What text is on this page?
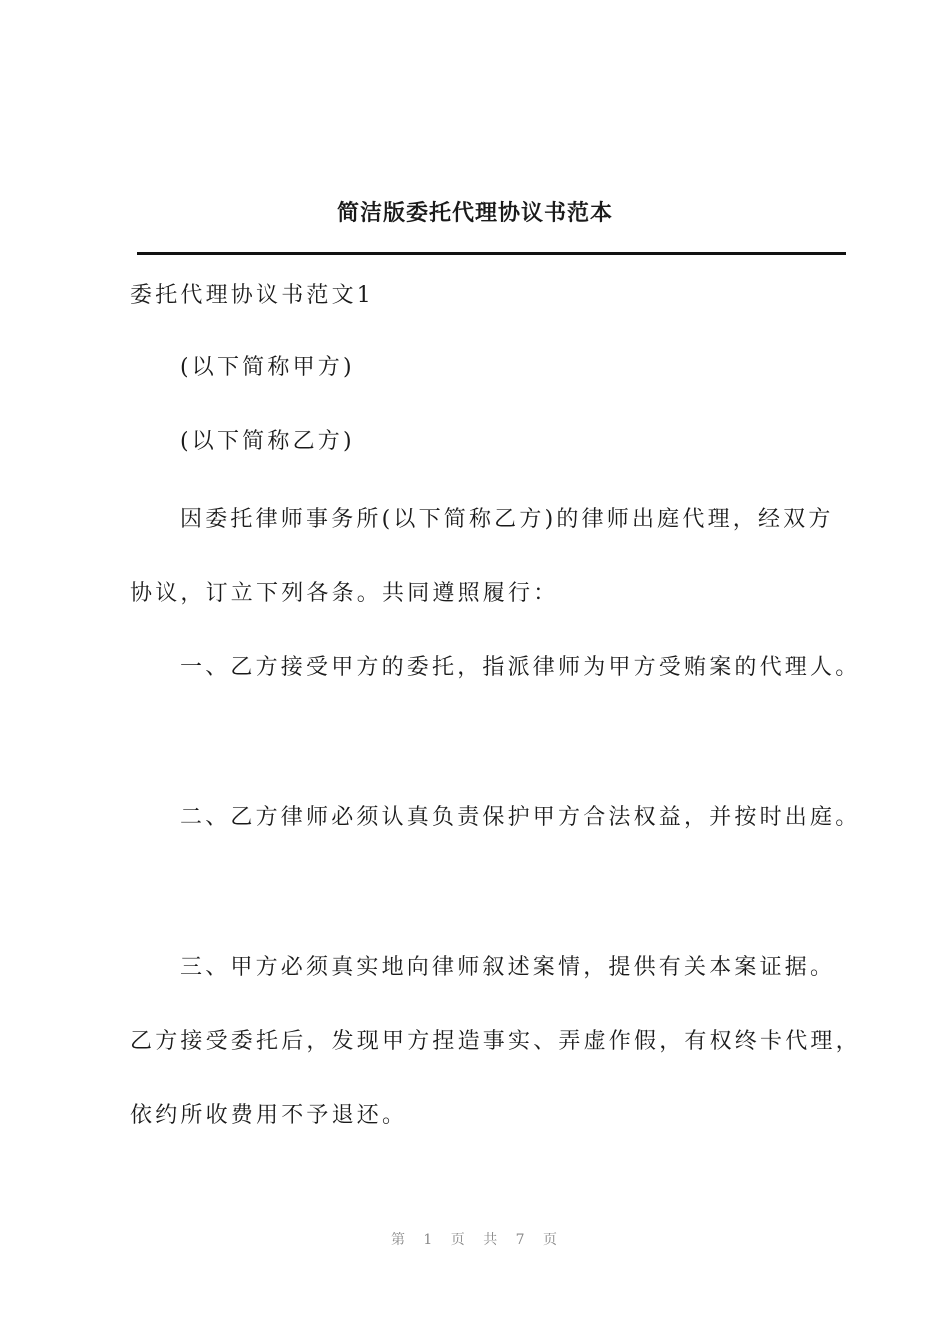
简洁版委托代理协议书范本
委托代理协议书范文1
(以下简称甲方)
(以下简称乙方)
因委托律师事务所(以下简称乙方)的律师出庭代理，经双方
协议，订立下列各条。共同遵照履行：
一、乙方接受甲方的委托，指派律师为甲方受贿案的代理人。
二、乙方律师必须认真负责保护甲方合法权益，并按时出庭。
三、甲方必须真实地向律师叙述案情，提供有关本案证据。
乙方接受委托后，发现甲方捏造事实、弄虚作假，有权终卡代理，
依约所收费用不予退还。
第 1 页 共 7 页
